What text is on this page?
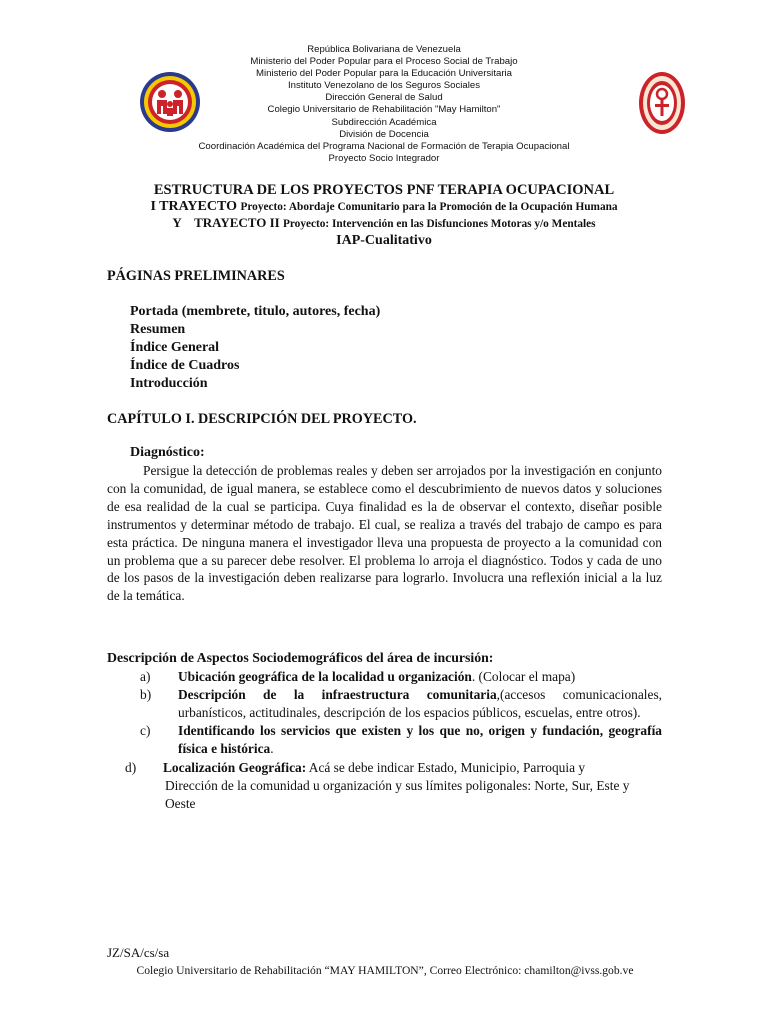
República Bolivariana de Venezuela
Ministerio del Poder Popular para el Proceso Social de Trabajo
Ministerio del Poder Popular para la Educación Universitaria
Instituto Venezolano de los Seguros Sociales
Dirección General de Salud
Colegio Universitario de Rehabilitación "May Hamilton"
Subdirección Académica
División de Docencia
Coordinación Académica del Programa Nacional de Formación de Terapia Ocupacional
Proyecto Socio Integrador
ESTRUCTURA DE LOS PROYECTOS PNF TERAPIA OCUPACIONAL
I TRAYECTO Proyecto: Abordaje Comunitario para la Promoción de la Ocupación Humana
Y    TRAYECTO II Proyecto: Intervención en las Disfunciones Motoras y/o Mentales
IAP-Cualitativo
PÁGINAS PRELIMINARES
Portada (membrete, titulo, autores, fecha)
Resumen
Índice General
Índice de Cuadros
Introducción
CAPÍTULO I. DESCRIPCIÓN DEL PROYECTO.
Diagnóstico:
Persigue la detección de problemas reales y deben ser arrojados por la investigación en conjunto con la comunidad, de igual manera, se establece como el descubrimiento de nuevos datos y soluciones de esa realidad de la cual se participa. Cuya finalidad es la de observar el contexto, diseñar posible instrumentos y determinar método de trabajo. El cual, se realiza a través del trabajo de campo es para esta práctica. De ninguna manera el investigador lleva una propuesta de proyecto a la comunidad con un problema que a su parecer debe resolver. El problema lo arroja el diagnóstico. Todos y cada de uno de los pasos de la investigación deben realizarse para lograrlo. Involucra una reflexión inicial a la luz de la temática.
Descripción de Aspectos Sociodemográficos del área de incursión:
a)	Ubicación geográfica de la localidad u organización. (Colocar el mapa)
b)	Descripción de la infraestructura comunitaria,(accesos comunicacionales, urbanísticos, actitudinales, descripción de los espacios públicos, escuelas, entre otros).
c)	Identificando los servicios que existen y los que no, origen y fundación, geografía física e histórica.
d)	Localización Geográfica: Acá se debe indicar Estado, Municipio, Parroquia y
Dirección de la comunidad u organización y sus límites poligonales: Norte, Sur, Este y Oeste
JZ/SA/cs/sa
Colegio Universitario de Rehabilitación “MAY HAMILTON”, Correo Electrónico: chamilton@ivss.gob.ve
